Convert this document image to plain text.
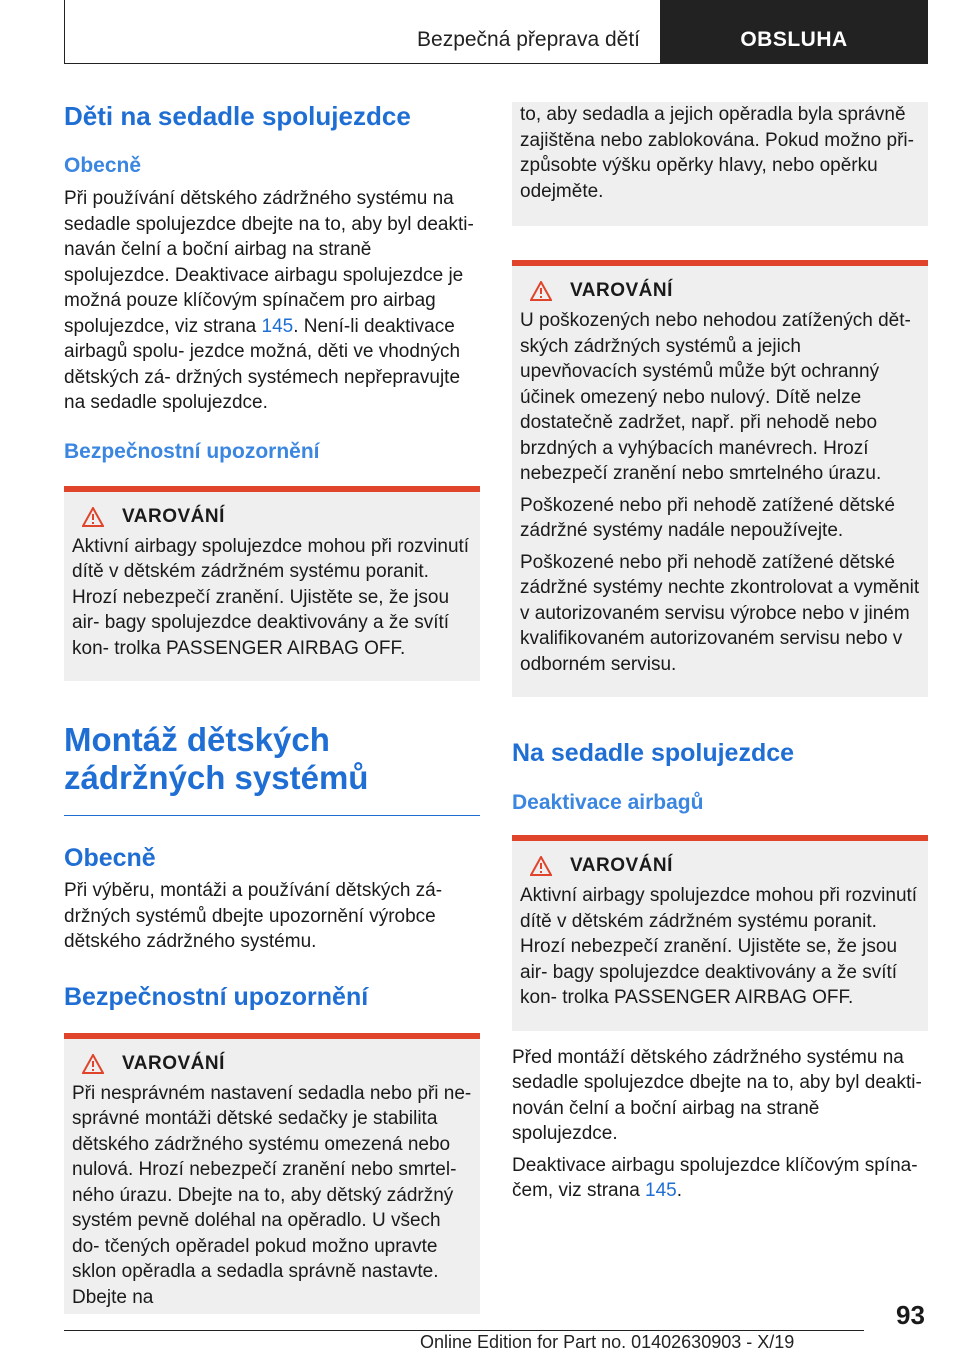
Bezpečná přeprava dětí	OBSLUHA
Děti na sedadle spolujezdce
Obecně

Při používání dětského zádržného systému na sedadle spolujezdce dbejte na to, aby byl deakti- naván čelní a boční airbag na straně spolujezdce. Deaktivace airbagu spolujezdce je možná pouze klíčovým spínačem pro airbag spolujezdce, viz strana 145. Není-li deaktivace airbagů spolu- jezdce možná, děti ve vhodných dětských zá- držných systémech nepřepravujte na sedadle spolujezdce.

Bezpečnostní upozornění
VAROVÁNÍ

Aktivní airbagy spolujezdce mohou při rozvinutí dítě v dětském zádržném systému poranit. Hrozí nebezpečí zranění. Ujistěte se, že jsou air- bagy spolujezdce deaktivovány a že svítí kon- trolka PASSENGER AIRBAG OFF.

Montáž dětských zádržných systémů
Obecně

Při výběru, montáži a používání dětských zá- držných systémů dbejte upozornění výrobce dětského zádržného systému.

Bezpečnostní upozornění
VAROVÁNÍ

Při nesprávném nastavení sedadla nebo při ne- správné montáži dětské sedačky je stabilita dětského zádržného systému omezená nebo nulová. Hrozí nebezpečí zranění nebo smrtel- ného úrazu. Dbejte na to, aby dětský zádržný systém pevně doléhal na opěradlo. U všech do- tčených opěradel pokud možno upravte sklon opěradla a sedadla správně nastavte. Dbejte na

to, aby sedadla a jejich opěradla byla správně zajištěna nebo zablokována. Pokud možno při- způsobte výšku opěrky hlavy, nebo opěrku odejměte.

VAROVÁNÍ

U poškozených nebo nehodou zatížených dět- ských zádržných systémů a jejich upevňovacích systémů může být ochranný účinek omezený nebo nulový. Dítě nelze dostatečně zadržet, např. při nehodě nebo brzdných a vyhýbacích manévrech. Hrozí nebezpečí zranění nebo smrtelného úrazu.

Poškozené nebo při nehodě zatížené dětské zádržné systémy nadále nepoužívejte.

Poškozené nebo při nehodě zatížené dětské zádržné systémy nechte zkontrolovat a vyměnit v autorizovaném servisu výrobce nebo v jiném kvalifikovaném autorizovaném servisu nebo v odborném servisu.

Na sedadle spolujezdce
Deaktivace airbagů
VAROVÁNÍ

Aktivní airbagy spolujezdce mohou při rozvinutí dítě v dětském zádržném systému poranit. Hrozí nebezpečí zranění. Ujistěte se, že jsou air- bagy spolujezdce deaktivovány a že svítí kon- trolka PASSENGER AIRBAG OFF.

Před montáží dětského zádržného systému na sedadle spolujezdce dbejte na to, aby byl deakti- nován čelní a boční airbag na straně spolujezdce.

Deaktivace airbagu spolujezdce klíčovým spína- čem, viz strana 145.

93
Online Edition for Part no. 01402630903 - X/19
